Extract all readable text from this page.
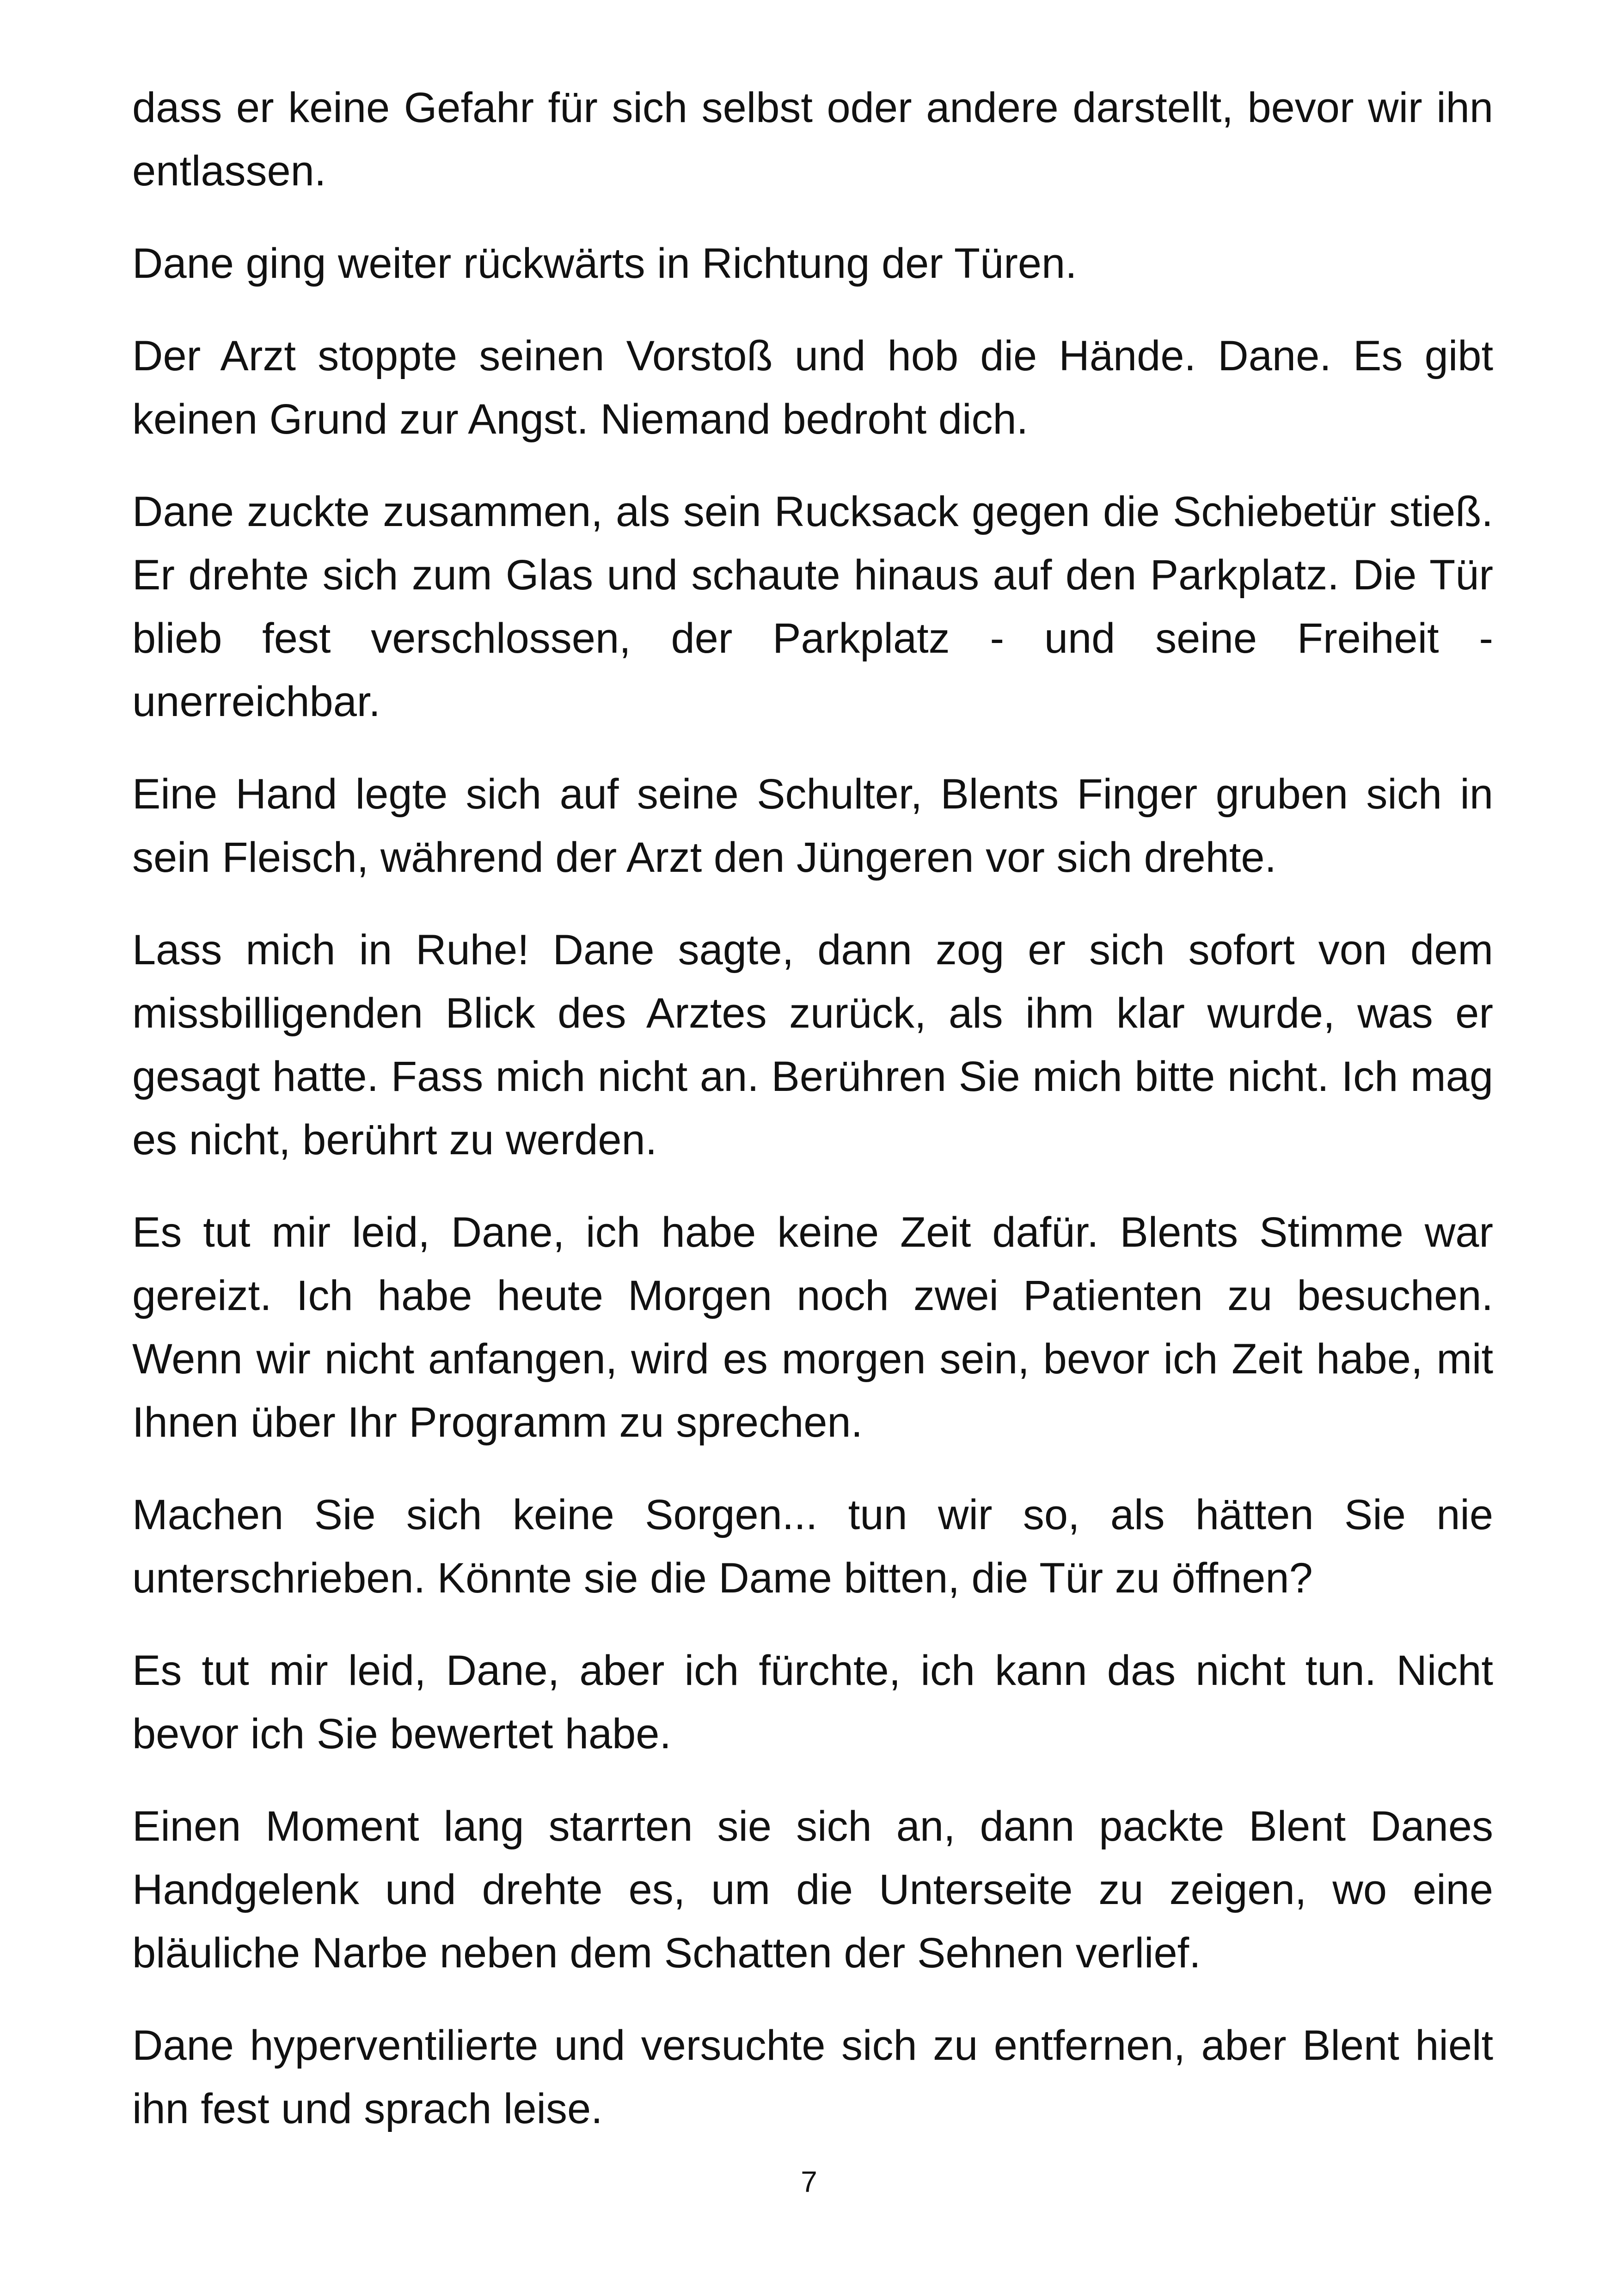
dass er keine Gefahr für sich selbst oder andere darstellt, bevor wir ihn entlassen.

Dane ging weiter rückwärts in Richtung der Türen.

Der Arzt stoppte seinen Vorstoß und hob die Hände. Dane. Es gibt keinen Grund zur Angst. Niemand bedroht dich.

Dane zuckte zusammen, als sein Rucksack gegen die Schiebetür stieß. Er drehte sich zum Glas und schaute hinaus auf den Parkplatz. Die Tür blieb fest verschlossen, der Parkplatz - und seine Freiheit - unerreichbar.

Eine Hand legte sich auf seine Schulter, Blents Finger gruben sich in sein Fleisch, während der Arzt den Jüngeren vor sich drehte.

Lass mich in Ruhe! Dane sagte, dann zog er sich sofort von dem missbilligenden Blick des Arztes zurück, als ihm klar wurde, was er gesagt hatte. Fass mich nicht an. Berühren Sie mich bitte nicht. Ich mag es nicht, berührt zu werden.

Es tut mir leid, Dane, ich habe keine Zeit dafür. Blents Stimme war gereizt. Ich habe heute Morgen noch zwei Patienten zu besuchen. Wenn wir nicht anfangen, wird es morgen sein, bevor ich Zeit habe, mit Ihnen über Ihr Programm zu sprechen.

Machen Sie sich keine Sorgen... tun wir so, als hätten Sie nie unterschrieben. Könnte sie die Dame bitten, die Tür zu öffnen?

Es tut mir leid, Dane, aber ich fürchte, ich kann das nicht tun. Nicht bevor ich Sie bewertet habe.

Einen Moment lang starrten sie sich an, dann packte Blent Danes Handgelenk und drehte es, um die Unterseite zu zeigen, wo eine bläuliche Narbe neben dem Schatten der Sehnen verlief.

Dane hyperventilierte und versuchte sich zu entfernen, aber Blent hielt ihn fest und sprach leise.

7
